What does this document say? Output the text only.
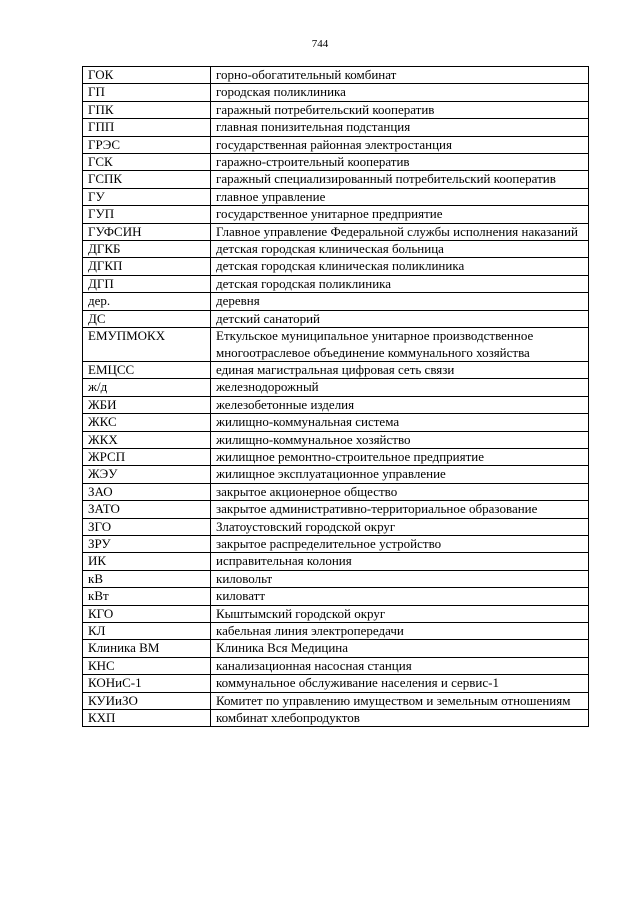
744
ГОК	горно-обогатительный комбинат
ГП	городская поликлиника
ГПК	гаражный потребительский кооператив
ГПП	главная понизительная подстанция
ГРЭС	государственная районная электростанция
ГСК	гаражно-строительный кооператив
ГСПК	гаражный специализированный потребительский кооператив
ГУ	главное управление
ГУП	государственное унитарное предприятие
ГУФСИН	Главное управление Федеральной службы исполнения наказаний
ДГКБ	детская городская клиническая больница
ДГКП	детская городская клиническая поликлиника
ДГП	детская городская поликлиника
дер.	деревня
ДС	детский санаторий
ЕМУПМОКХ	Еткульское муниципальное унитарное производственное многоотраслевое объединение коммунального хозяйства
ЕМЦСС	единая магистральная цифровая сеть связи
ж/д	железнодорожный
ЖБИ	железобетонные изделия
ЖКС	жилищно-коммунальная система
ЖКХ	жилищно-коммунальное хозяйство
ЖРСП	жилищное ремонтно-строительное предприятие
ЖЭУ	жилищное эксплуатационное управление
ЗАО	закрытое акционерное общество
ЗАТО	закрытое административно-территориальное образование
ЗГО	Златоустовский городской округ
ЗРУ	закрытое распределительное устройство
ИК	исправительная колония
кВ	киловольт
кВт	киловатт
КГО	Кыштымский городской округ
КЛ	кабельная линия электропередачи
Клиника ВМ	Клиника Вся Медицина
КНС	канализационная насосная станция
КОНиС-1	коммунальное обслуживание населения и сервис-1
КУИиЗО	Комитет по управлению имуществом и земельным отношениям
КХП	комбинат хлебопродуктов
